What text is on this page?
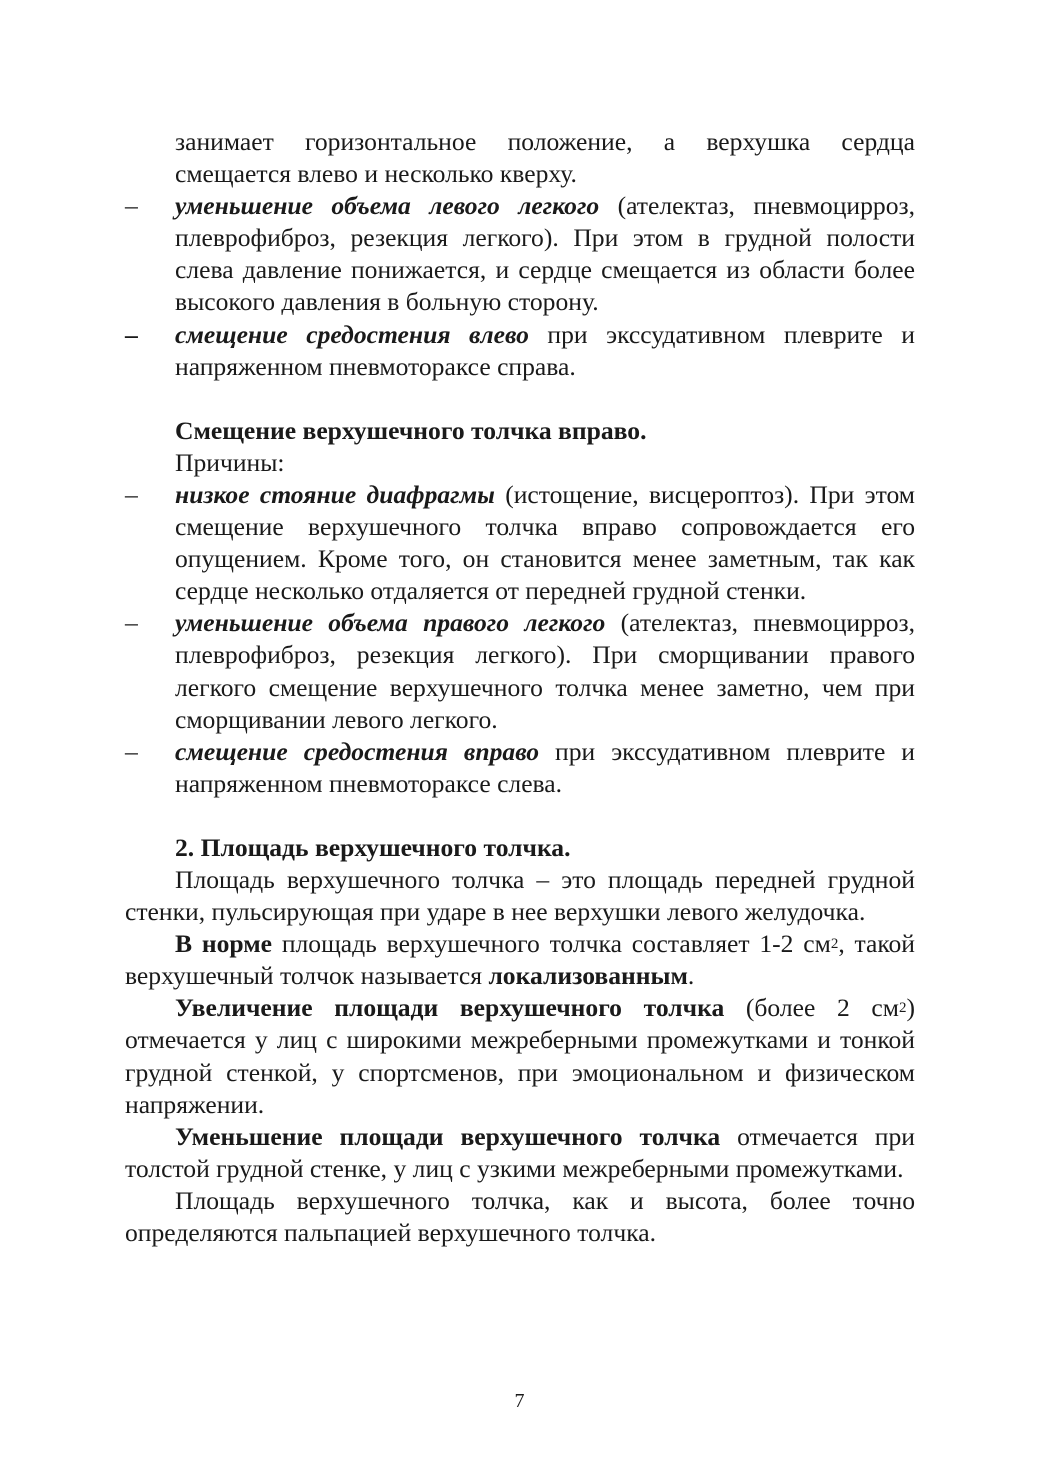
занимает горизонтальное положение, а верхушка сердца
смещается влево и несколько кверху.
– уменьшение объема левого легкого (ателектаз, пневмоцирроз, плеврофиброз, резекция легкого). При этом в грудной полости слева давление понижается, и сердце смещается из области более высокого давления в больную сторону.
– смещение средостения влево при экссудативном плеврите и напряженном пневмотораксе справа.
Смещение верхушечного толчка вправо.
Причины:
– низкое стояние диафрагмы (истощение, висцероптоз). При этом смещение верхушечного толчка вправо сопровождается его опущением. Кроме того, он становится менее заметным, так как сердце несколько отдаляется от передней грудной стенки.
– уменьшение объема правого легкого (ателектаз, пневмоцирроз, плеврофиброз, резекция легкого). При сморщивании правого легкого смещение верхушечного толчка менее заметно, чем при сморщивании левого легкого.
– смещение средостения вправо при экссудативном плеврите и напряженном пневмотораксе слева.
2. Площадь верхушечного толчка.
Площадь верхушечного толчка – это площадь передней грудной стенки, пульсирующая при ударе в нее верхушки левого желудочка.
В норме площадь верхушечного толчка составляет 1-2 $см^2$, такой верхушечный толчок называется локализованным.
Увеличение площади верхушечного толчка (более 2 $см^2$) отмечается у лиц с широкими межреберными промежутками и тонкой грудной стенкой, у спортсменов, при эмоциональном и физическом напряжении.
Уменьшение площади верхушечного толчка отмечается при толстой грудной стенке, у лиц с узкими межреберными промежутками.
Площадь верхушечного толчка, как и высота, более точно определяются пальпацией верхушечного толчка.
7
